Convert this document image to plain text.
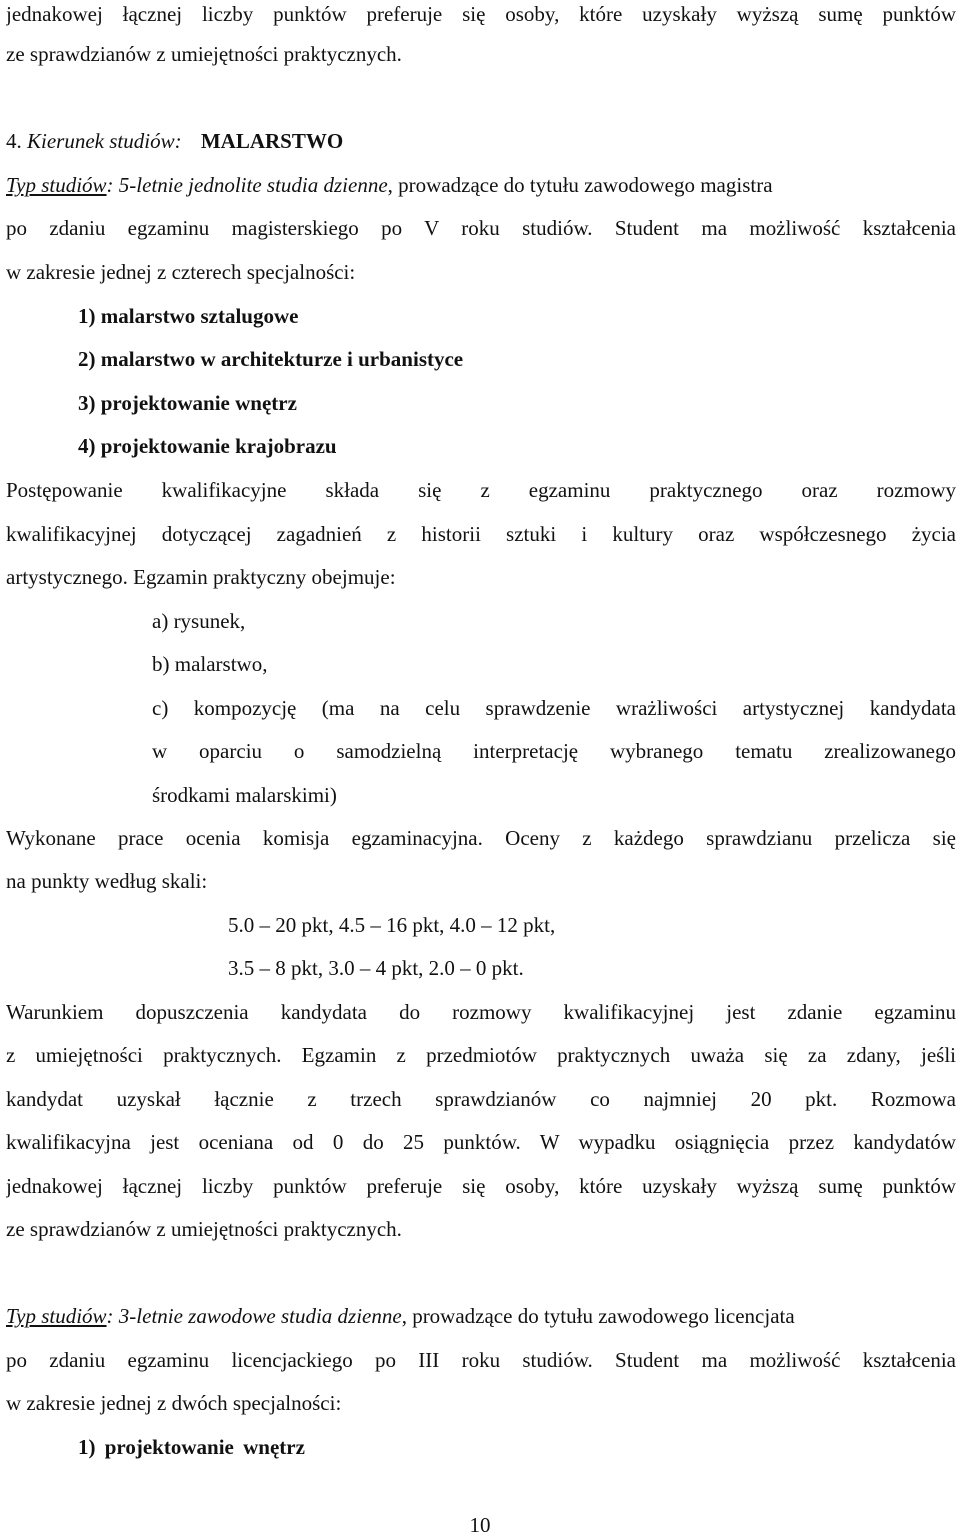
jednakowej łącznej liczby punktów preferuje się osoby, które uzyskały wyższą sumę punktów
ze sprawdzianów z umiejętności praktycznych.
4. Kierunek studiów: MALARSTWO
Typ studiów: 5-letnie jednolite studia dzienne, prowadzące do tytułu zawodowego magistra
po zdaniu egzaminu magisterskiego po V roku studiów. Student ma możliwość kształcenia
w zakresie jednej z czterech specjalności:
1) malarstwo sztalugowe
2) malarstwo w architekturze i urbanistyce
3) projektowanie wnętrz
4) projektowanie krajobrazu
Postępowanie kwalifikacyjne składa się z egzaminu praktycznego oraz rozmowy
kwalifikacyjnej dotyczącej zagadnień z historii sztuki i kultury oraz współczesnego życia
artystycznego. Egzamin praktyczny obejmuje:
a) rysunek,
b) malarstwo,
c) kompozycję (ma na celu sprawdzenie wrażliwości artystycznej kandydata
w oparciu o samodzielną interpretację wybranego tematu zrealizowanego
środkami malarskimi)
Wykonane prace ocenia komisja egzaminacyjna. Oceny z każdego sprawdzianu przelicza się
na punkty według skali:
5.0 – 20 pkt, 4.5 – 16 pkt, 4.0 – 12 pkt,
3.5 – 8 pkt, 3.0 – 4 pkt, 2.0 – 0 pkt.
Warunkiem dopuszczenia kandydata do rozmowy kwalifikacyjnej jest zdanie egzaminu
z umiejętności praktycznych. Egzamin z przedmiotów praktycznych uważa się za zdany, jeśli
kandydat uzyskał łącznie z trzech sprawdzianów co najmniej 20 pkt. Rozmowa
kwalifikacyjna jest oceniana od 0 do 25 punktów. W wypadku osiągnięcia przez kandydatów
jednakowej łącznej liczby punktów preferuje się osoby, które uzyskały wyższą sumę punktów
ze sprawdzianów z umiejętności praktycznych.
Typ studiów: 3-letnie zawodowe studia dzienne, prowadzące do tytułu zawodowego licencjata
po zdaniu egzaminu licencjackiego po III roku studiów. Student ma możliwość kształcenia
w zakresie jednej z dwóch specjalności:
1) projektowanie wnętrz
10
